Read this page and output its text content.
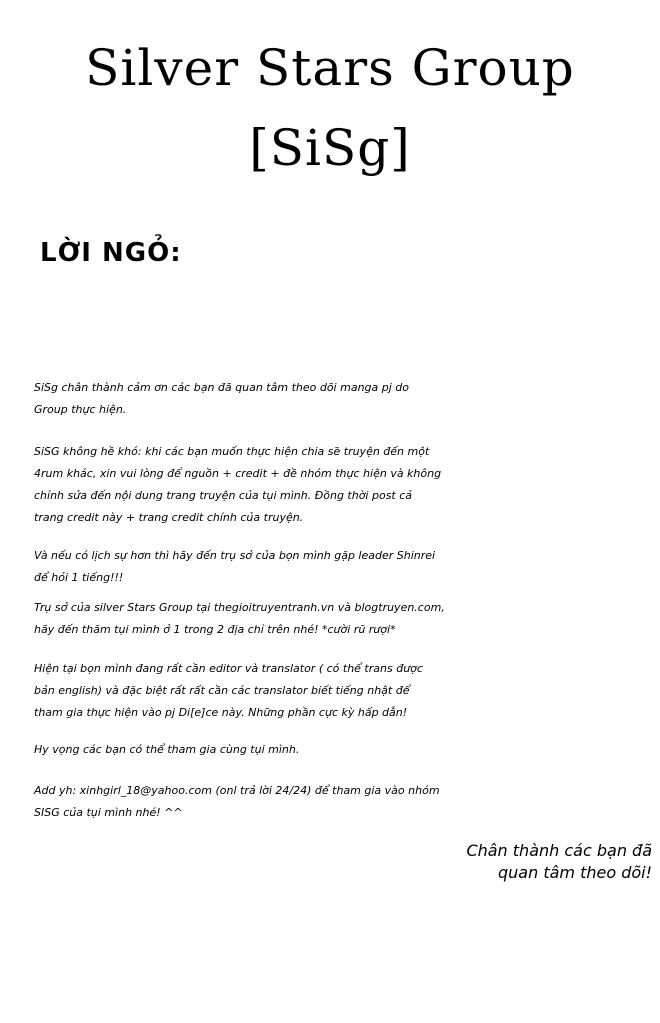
Silver Stars Group
[SiSg]
LỜI NGỎ:
SiSg chân thành cảm ơn các bạn đã quan tâm theo dõi manga pj do
Group thực hiện.
SiSG không hề khó: khi các bạn muốn thực hiện chia sẽ truyện đến một
4rum khác, xin vui lòng để nguồn + credit + đề nhóm thực hiện và không
chỉnh sửa đến nội dung trang truyện của tụi mình. Đồng thời post cả
trang credit này + trang credit chính của truyện.
Và nếu có lịch sự hơn thì hãy đến trụ sở của bọn mình gặp leader Shinrei
để hỏi 1 tiếng!!!
Trụ sở của silver Stars Group tại thegioitruyentranh.vn và blogtruyen.com,
hãy đến thăm tụi mình ở 1 trong 2 địa chỉ trên nhé! *cười rũ rượi*
Hiện tại bọn mình đang rất cần editor và translator ( có thể trans được
bản english) và đặc biệt rất rất cần các translator biết tiếng nhật để
tham gia thực hiện vào pj Di[e]ce này. Những phần cực kỳ hấp dẫn!
Hy vọng các bạn có thể tham gia cùng tụi mình.
Add yh: xinhgirl_18@yahoo.com (onl trả lời 24/24) để tham gia vào nhóm
SISG của tụi mình nhé! ^^
Chân thành các bạn đã
quan tâm theo dõi!
